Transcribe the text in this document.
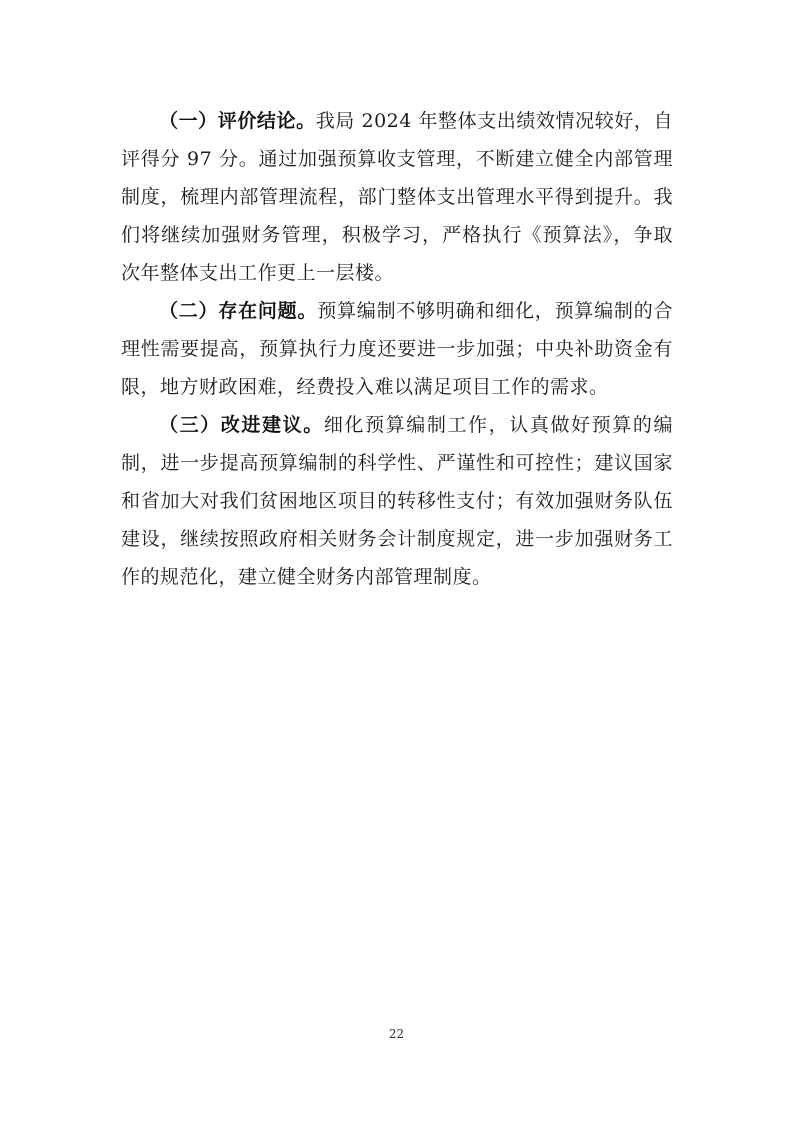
（一）评价结论。我局 2024 年整体支出绩效情况较好，自评得分 97 分。通过加强预算收支管理，不断建立健全内部管理制度，梳理内部管理流程，部门整体支出管理水平得到提升。我们将继续加强财务管理，积极学习，严格执行《预算法》，争取次年整体支出工作更上一层楼。

（二）存在问题。预算编制不够明确和细化，预算编制的合理性需要提高，预算执行力度还要进一步加强；中央补助资金有限，地方财政困难，经费投入难以满足项目工作的需求。

（三）改进建议。细化预算编制工作，认真做好预算的编制，进一步提高预算编制的科学性、严谨性和可控性；建议国家和省加大对我们贫困地区项目的转移性支付；有效加强财务队伍建设，继续按照政府相关财务会计制度规定，进一步加强财务工作的规范化，建立健全财务内部管理制度。

22
